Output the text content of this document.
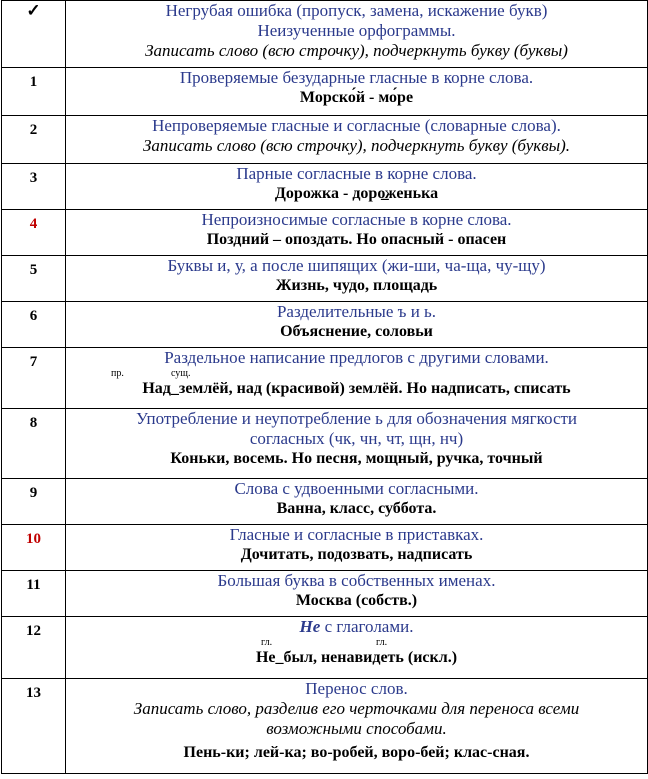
✓	Негрубая ошибка (пропуск, замена, искажение букв)
Неизученные орфограммы.
Записать слово (всю строчку), подчеркнуть букву (буквы)

1	Проверяемые безударные гласные в корне слова.
Морско́й - мо́ре

2	Непроверяемые гласные и согласные (словарные слова).
Записать слово (всю строчку), подчеркнуть букву (буквы).

3	Парные согласные в корне слова.
Дорожка - доро̲женька

4	Непроизносимые согласные в корне слова.
Поздний – опоздать. Но опасный - опасен

5	Буквы и, у, а после шипящих (жи-ши, ча-ща, чу-щу)
Жизнь, чудо, площадь

6	Разделительные ъ и ь.
Объяснение, соловьи

7	Раздельное написание предлогов с другими словами.
пр. сущ.
Над_землёй, над (красивой) землёй. Но надписать, списать

8	Употребление и неупотребление ь для обозначения мягкости
согласных (чк, чн, чт, щн, нч)
Коньки, восемь. Но песня, мощный, ручка, точный

9	Слова с удвоенными согласными.
Ванна, класс, суббота.

10	Гласные и согласные в приставках.
Дочитать, подозвать, надписать

11	Большая буква в собственных именах.
Москва (собств.)

12	Не с глаголами.
гл. гл.
Не_был, ненавидеть (искл.)

13	Перенос слов.
Записать слово, разделив его черточками для переноса всеми
возможными способами.
Пень-ки; лей-ка; во-робей, воро-бей; клас-сная.
